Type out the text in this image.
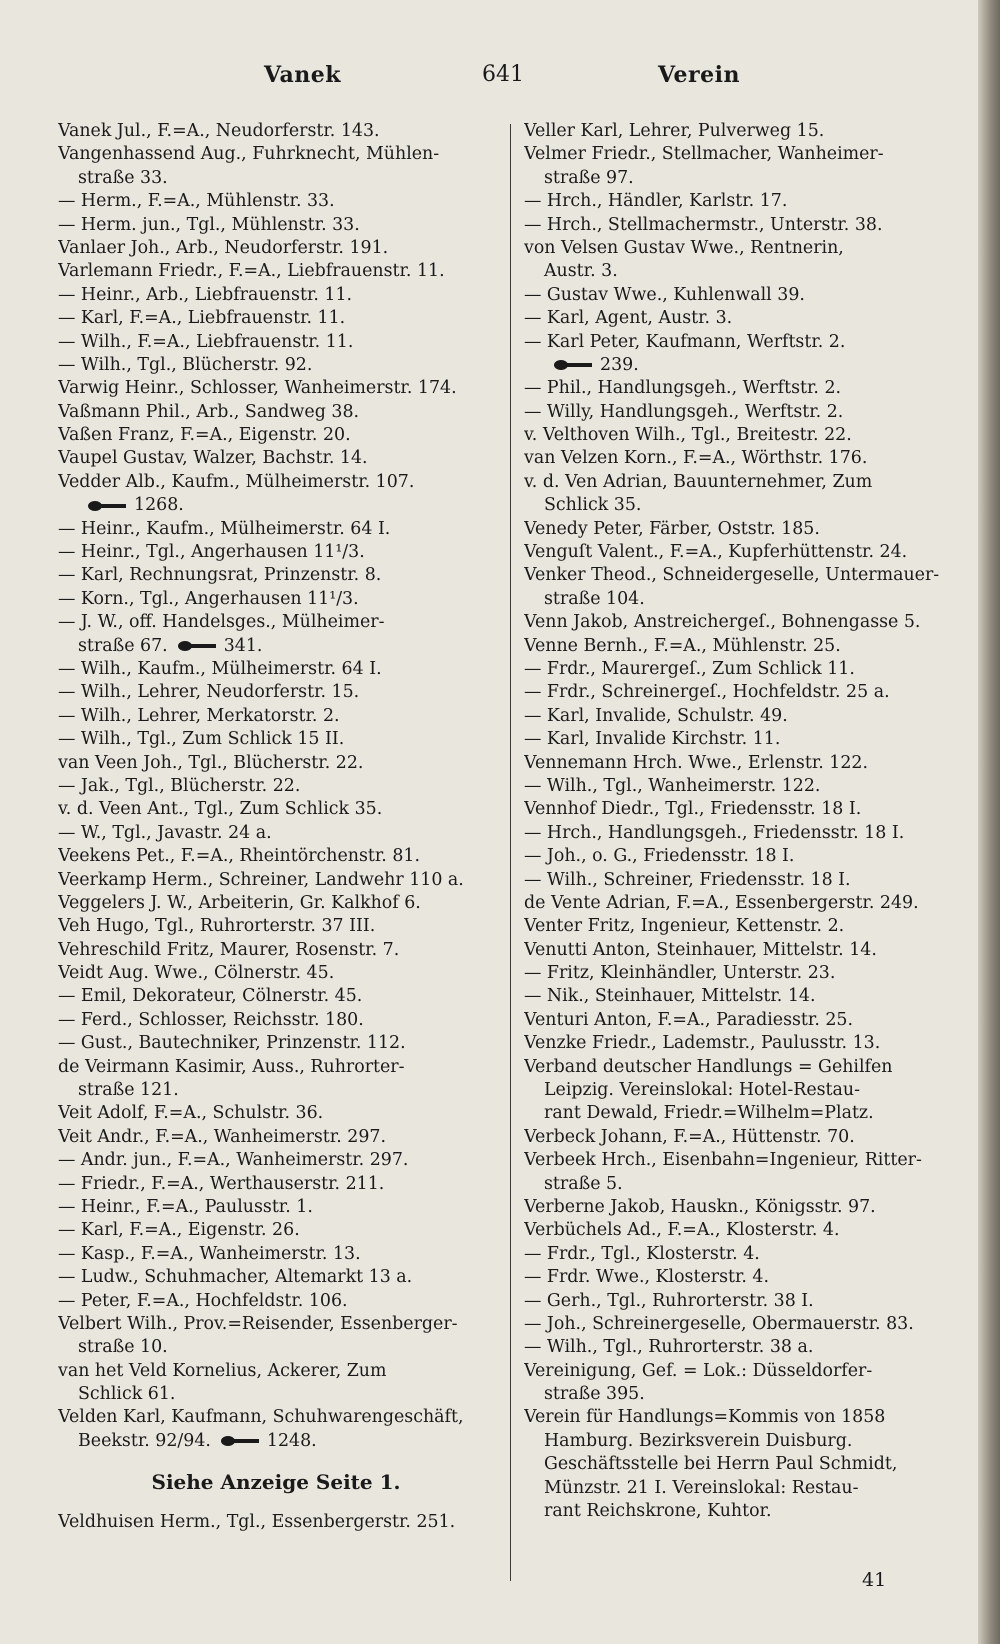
Vanek	641	Verein
Vanek Jul., F.=A., Neudorferstr. 143.
Vangenhassend Aug., Fuhrknecht, Mühlen-
straße 33.
— Herm., F.=A., Mühlenstr. 33.
— Herm. jun., Tgl., Mühlenstr. 33.
Vanlaer Joh., Arb., Neudorferstr. 191.
Varlemann Friedr., F.=A., Liebfrauenstr. 11.
— Heinr., Arb., Liebfrauenstr. 11.
— Karl, F.=A., Liebfrauenstr. 11.
— Wilh., F.=A., Liebfrauenstr. 11.
— Wilh., Tgl., Blücherstr. 92.
Varwig Heinr., Schlosser, Wanheimerstr. 174.
Vaßmann Phil., Arb., Sandweg 38.
Vaßen Franz, F.=A., Eigenstr. 20.
Vaupel Gustav, Walzer, Bachstr. 14.
Vedder Alb., Kaufm., Mülheimerstr. 107.
1268.
— Heinr., Kaufm., Mülheimerstr. 64 I.
— Heinr., Tgl., Angerhausen 11¹/3.
— Karl, Rechnungsrat, Prinzenstr. 8.
— Korn., Tgl., Angerhausen 11¹/3.
— J. W., off. Handelsges., Mülheimer-
straße 67.	341.
— Wilh., Kaufm., Mülheimerstr. 64 I.
— Wilh., Lehrer, Neudorferstr. 15.
— Wilh., Lehrer, Merkatorstr. 2.
— Wilh., Tgl., Zum Schlick 15 II.
van Veen Joh., Tgl., Blücherstr. 22.
— Jak., Tgl., Blücherstr. 22.
v. d. Veen Ant., Tgl., Zum Schlick 35.
— W., Tgl., Javastr. 24 a.
Veekens Pet., F.=A., Rheintörchenstr. 81.
Veerkamp Herm., Schreiner, Landwehr 110 a.
Veggelers J. W., Arbeiterin, Gr. Kalkhof 6.
Veh Hugo, Tgl., Ruhrorterstr. 37 III.
Vehreschild Fritz, Maurer, Rosenstr. 7.
Veidt Aug. Wwe., Cölnerstr. 45.
— Emil, Dekorateur, Cölnerstr. 45.
— Ferd., Schlosser, Reichsstr. 180.
— Gust., Bautechniker, Prinzenstr. 112.
de Veirmann Kasimir, Auss., Ruhrorter-
straße 121.
Veit Adolf, F.=A., Schulstr. 36.
Veit Andr., F.=A., Wanheimerstr. 297.
— Andr. jun., F.=A., Wanheimerstr. 297.
— Friedr., F.=A., Werthauserstr. 211.
— Heinr., F.=A., Paulusstr. 1.
— Karl, F.=A., Eigenstr. 26.
— Kasp., F.=A., Wanheimerstr. 13.
— Ludw., Schuhmacher, Altemarkt 13 a.
— Peter, F.=A., Hochfeldstr. 106.
Velbert Wilh., Prov.=Reisender, Essenberger-
straße 10.
van het Veld Kornelius, Ackerer, Zum
Schlick 61.
Velden Karl, Kaufmann, Schuhwarengeschäft,
Beekstr. 92/94.	1248.
Siehe Anzeige Seite 1.
Veldhuisen Herm., Tgl., Essenbergerstr. 251.
Veller Karl, Lehrer, Pulverweg 15.
Velmer Friedr., Stellmacher, Wanheimer-
straße 97.
— Hrch., Händler, Karlstr. 17.
— Hrch., Stellmachermstr., Unterstr. 38.
von Velsen Gustav Wwe., Rentnerin,
Austr. 3.
— Gustav Wwe., Kuhlenwall 39.
— Karl, Agent, Austr. 3.
— Karl Peter, Kaufmann, Werftstr. 2.
239.
— Phil., Handlungsgeh., Werftstr. 2.
— Willy, Handlungsgeh., Werftstr. 2.
v. Velthoven Wilh., Tgl., Breitestr. 22.
van Velzen Korn., F.=A., Wörthstr. 176.
v. d. Ven Adrian, Bauunternehmer, Zum
Schlick 35.
Venedy Peter, Färber, Oststr. 185.
Venguſt Valent., F.=A., Kupferhüttenstr. 24.
Venker Theod., Schneidergeselle, Untermauer-
straße 104.
Venn Jakob, Anstreichergeſ., Bohnengasse 5.
Venne Bernh., F.=A., Mühlenstr. 25.
— Frdr., Maurergeſ., Zum Schlick 11.
— Frdr., Schreinergeſ., Hochfeldstr. 25 a.
— Karl, Invalide, Schulstr. 49.
— Karl, Invalide Kirchstr. 11.
Vennemann Hrch. Wwe., Erlenstr. 122.
— Wilh., Tgl., Wanheimerstr. 122.
Vennhof Diedr., Tgl., Friedensstr. 18 I.
— Hrch., Handlungsgeh., Friedensstr. 18 I.
— Joh., o. G., Friedensstr. 18 I.
— Wilh., Schreiner, Friedensstr. 18 I.
de Vente Adrian, F.=A., Essenbergerstr. 249.
Venter Fritz, Ingenieur, Kettenstr. 2.
Venutti Anton, Steinhauer, Mittelstr. 14.
— Fritz, Kleinhändler, Unterstr. 23.
— Nik., Steinhauer, Mittelstr. 14.
Venturi Anton, F.=A., Paradiesstr. 25.
Venzke Friedr., Lademstr., Paulusstr. 13.
Verband deutscher Handlungs = Gehilfen
Leipzig. Vereinslokal: Hotel-Restau-
rant Dewald, Friedr.=Wilhelm=Platz.
Verbeck Johann, F.=A., Hüttenstr. 70.
Verbeek Hrch., Eisenbahn=Ingenieur, Ritter-
straße 5.
Verberne Jakob, Hauskn., Königsstr. 97.
Verbüchels Ad., F.=A., Klosterstr. 4.
— Frdr., Tgl., Klosterstr. 4.
— Frdr. Wwe., Klosterstr. 4.
— Gerh., Tgl., Ruhrorterstr. 38 I.
— Joh., Schreinergeselle, Obermauerstr. 83.
— Wilh., Tgl., Ruhrorterstr. 38 a.
Vereinigung, Gef. = Lok.: Düsseldorfer-
straße 395.
Verein für Handlungs=Kommis von 1858
Hamburg. Bezirksverein Duisburg.
Geschäftsstelle bei Herrn Paul Schmidt,
Münzstr. 21 I. Vereinslokal: Restau-
rant Reichskrone, Kuhtor.
41
